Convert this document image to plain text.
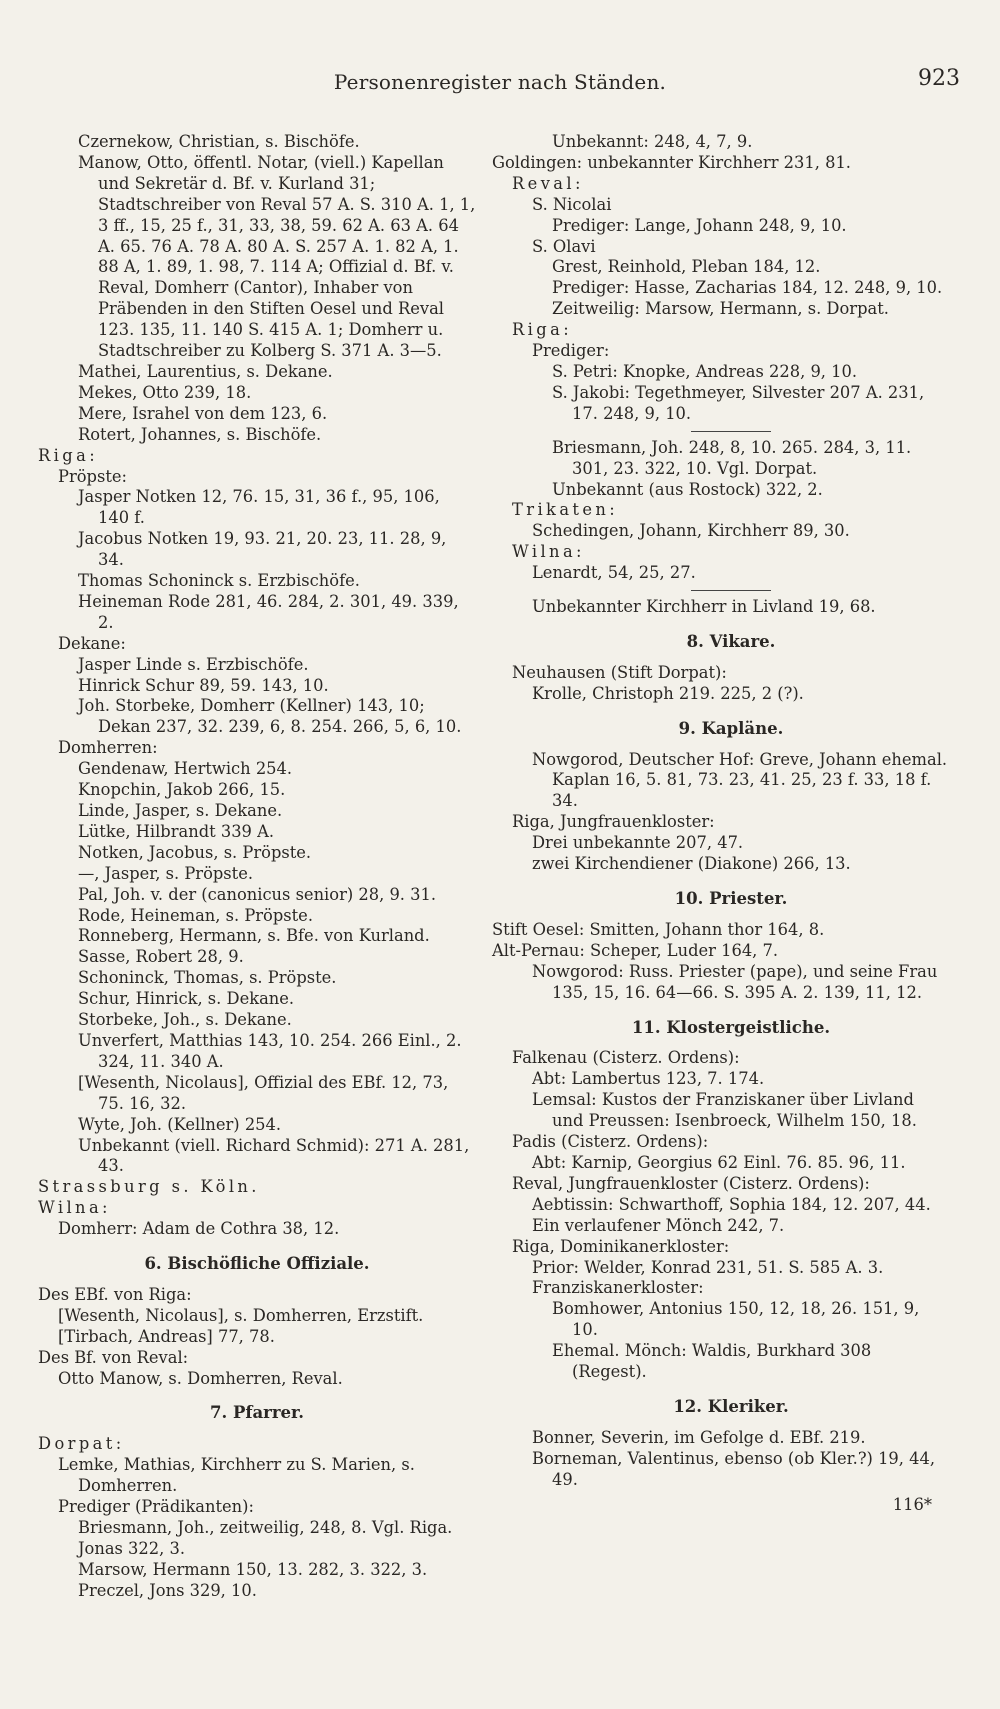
Personenregister nach Ständen.	923
Czernekow, Christian, s. Bischöfe.
Manow, Otto, öffentl. Notar, (viell.) Kapellan und Sekretär d. Bf. v. Kurland 31; Stadtschreiber von Reval 57 A. S. 310 A. 1, 1, 3 ff., 15, 25 f., 31, 33, 38, 59. 62 A. 63 A. 64 A. 65. 76 A. 78 A. 80 A. S. 257 A. 1. 82 A, 1. 88 A, 1. 89, 1. 98, 7. 114 A; Offizial d. Bf. v. Reval, Domherr (Cantor), Inhaber von Präbenden in den Stiften Oesel und Reval 123. 135, 11. 140 S. 415 A. 1; Domherr u. Stadtschreiber zu Kolberg S. 371 A. 3—5.
Mathei, Laurentius, s. Dekane.
Mekes, Otto 239, 18.
Mere, Israhel von dem 123, 6.
Rotert, Johannes, s. Bischöfe.
Riga:
Pröpste:
Jasper Notken 12, 76. 15, 31, 36 f., 95, 106, 140 f.
Jacobus Notken 19, 93. 21, 20. 23, 11. 28, 9, 34.
Thomas Schoninck s. Erzbischöfe.
Heineman Rode 281, 46. 284, 2. 301, 49. 339, 2.
Dekane:
Jasper Linde s. Erzbischöfe.
Hinrick Schur 89, 59. 143, 10.
Joh. Storbeke, Domherr (Kellner) 143, 10; Dekan 237, 32. 239, 6, 8. 254. 266, 5, 6, 10.
Domherren:
Gendenaw, Hertwich 254.
Knopchin, Jakob 266, 15.
Linde, Jasper, s. Dekane.
Lütke, Hilbrandt 339 A.
Notken, Jacobus, s. Pröpste.
—, Jasper, s. Pröpste.
Pal, Joh. v. der (canonicus senior) 28, 9. 31.
Rode, Heineman, s. Pröpste.
Ronneberg, Hermann, s. Bfe. von Kurland.
Sasse, Robert 28, 9.
Schoninck, Thomas, s. Pröpste.
Schur, Hinrick, s. Dekane.
Storbeke, Joh., s. Dekane.
Unverfert, Matthias 143, 10. 254. 266 Einl., 2. 324, 11. 340 A.
[Wesenth, Nicolaus], Offizial des EBf. 12, 73, 75. 16, 32.
Wyte, Joh. (Kellner) 254.
Unbekannt (viell. Richard Schmid): 271 A. 281, 43.
Strassburg s. Köln.
Wilna:
Domherr: Adam de Cothra 38, 12.
6. Bischöfliche Offiziale.
Des EBf. von Riga:
[Wesenth, Nicolaus], s. Domherren, Erzstift.
[Tirbach, Andreas] 77, 78.
Des Bf. von Reval:
Otto Manow, s. Domherren, Reval.
7. Pfarrer.
Dorpat:
Lemke, Mathias, Kirchherr zu S. Marien, s. Domherren.
Prediger (Prädikanten):
Briesmann, Joh., zeitweilig, 248, 8. Vgl. Riga.
Jonas 322, 3.
Marsow, Hermann 150, 13. 282, 3. 322, 3.
Preczel, Jons 329, 10.
Unbekannt: 248, 4, 7, 9.
Goldingen: unbekannter Kirchherr 231, 81.
Reval:
S. Nicolai
Prediger: Lange, Johann 248, 9, 10.
S. Olavi
Grest, Reinhold, Pleban 184, 12.
Prediger: Hasse, Zacharias 184, 12. 248, 9, 10.
Zeitweilig: Marsow, Hermann, s. Dorpat.
Riga:
Prediger:
S. Petri: Knopke, Andreas 228, 9, 10.
S. Jakobi: Tegethmeyer, Silvester 207 A. 231, 17. 248, 9, 10.
Briesmann, Joh. 248, 8, 10. 265. 284, 3, 11. 301, 23. 322, 10. Vgl. Dorpat.
Unbekannt (aus Rostock) 322, 2.
Trikaten:
Schedingen, Johann, Kirchherr 89, 30.
Wilna:
Lenardt, 54, 25, 27.
Unbekannter Kirchherr in Livland 19, 68.
8. Vikare.
Neuhausen (Stift Dorpat):
Krolle, Christoph 219. 225, 2 (?).
9. Kapläne.
Nowgorod, Deutscher Hof: Greve, Johann ehemal. Kaplan 16, 5. 81, 73. 23, 41. 25, 23 f. 33, 18 f. 34.
Riga, Jungfrauenkloster:
Drei unbekannte 207, 47.
zwei Kirchendiener (Diakone) 266, 13.
10. Priester.
Stift Oesel: Smitten, Johann thor 164, 8.
Alt-Pernau: Scheper, Luder 164, 7.
Nowgorod: Russ. Priester (pape), und seine Frau 135, 15, 16. 64—66. S. 395 A. 2. 139, 11, 12.
11. Klostergeistliche.
Falkenau (Cisterz. Ordens):
Abt: Lambertus 123, 7. 174.
Lemsal: Kustos der Franziskaner über Livland und Preussen: Isenbroeck, Wilhelm 150, 18.
Padis (Cisterz. Ordens):
Abt: Karnip, Georgius 62 Einl. 76. 85. 96, 11.
Reval, Jungfrauenkloster (Cisterz. Ordens):
Aebtissin: Schwarthoff, Sophia 184, 12. 207, 44.
Ein verlaufener Mönch 242, 7.
Riga, Dominikanerkloster:
Prior: Welder, Konrad 231, 51. S. 585 A. 3.
Franziskanerkloster:
Bomhower, Antonius 150, 12, 18, 26. 151, 9, 10.
Ehemal. Mönch: Waldis, Burkhard 308 (Regest).
12. Kleriker.
Bonner, Severin, im Gefolge d. EBf. 219.
Borneman, Valentinus, ebenso (ob Kler.?) 19, 44, 49.
116*
